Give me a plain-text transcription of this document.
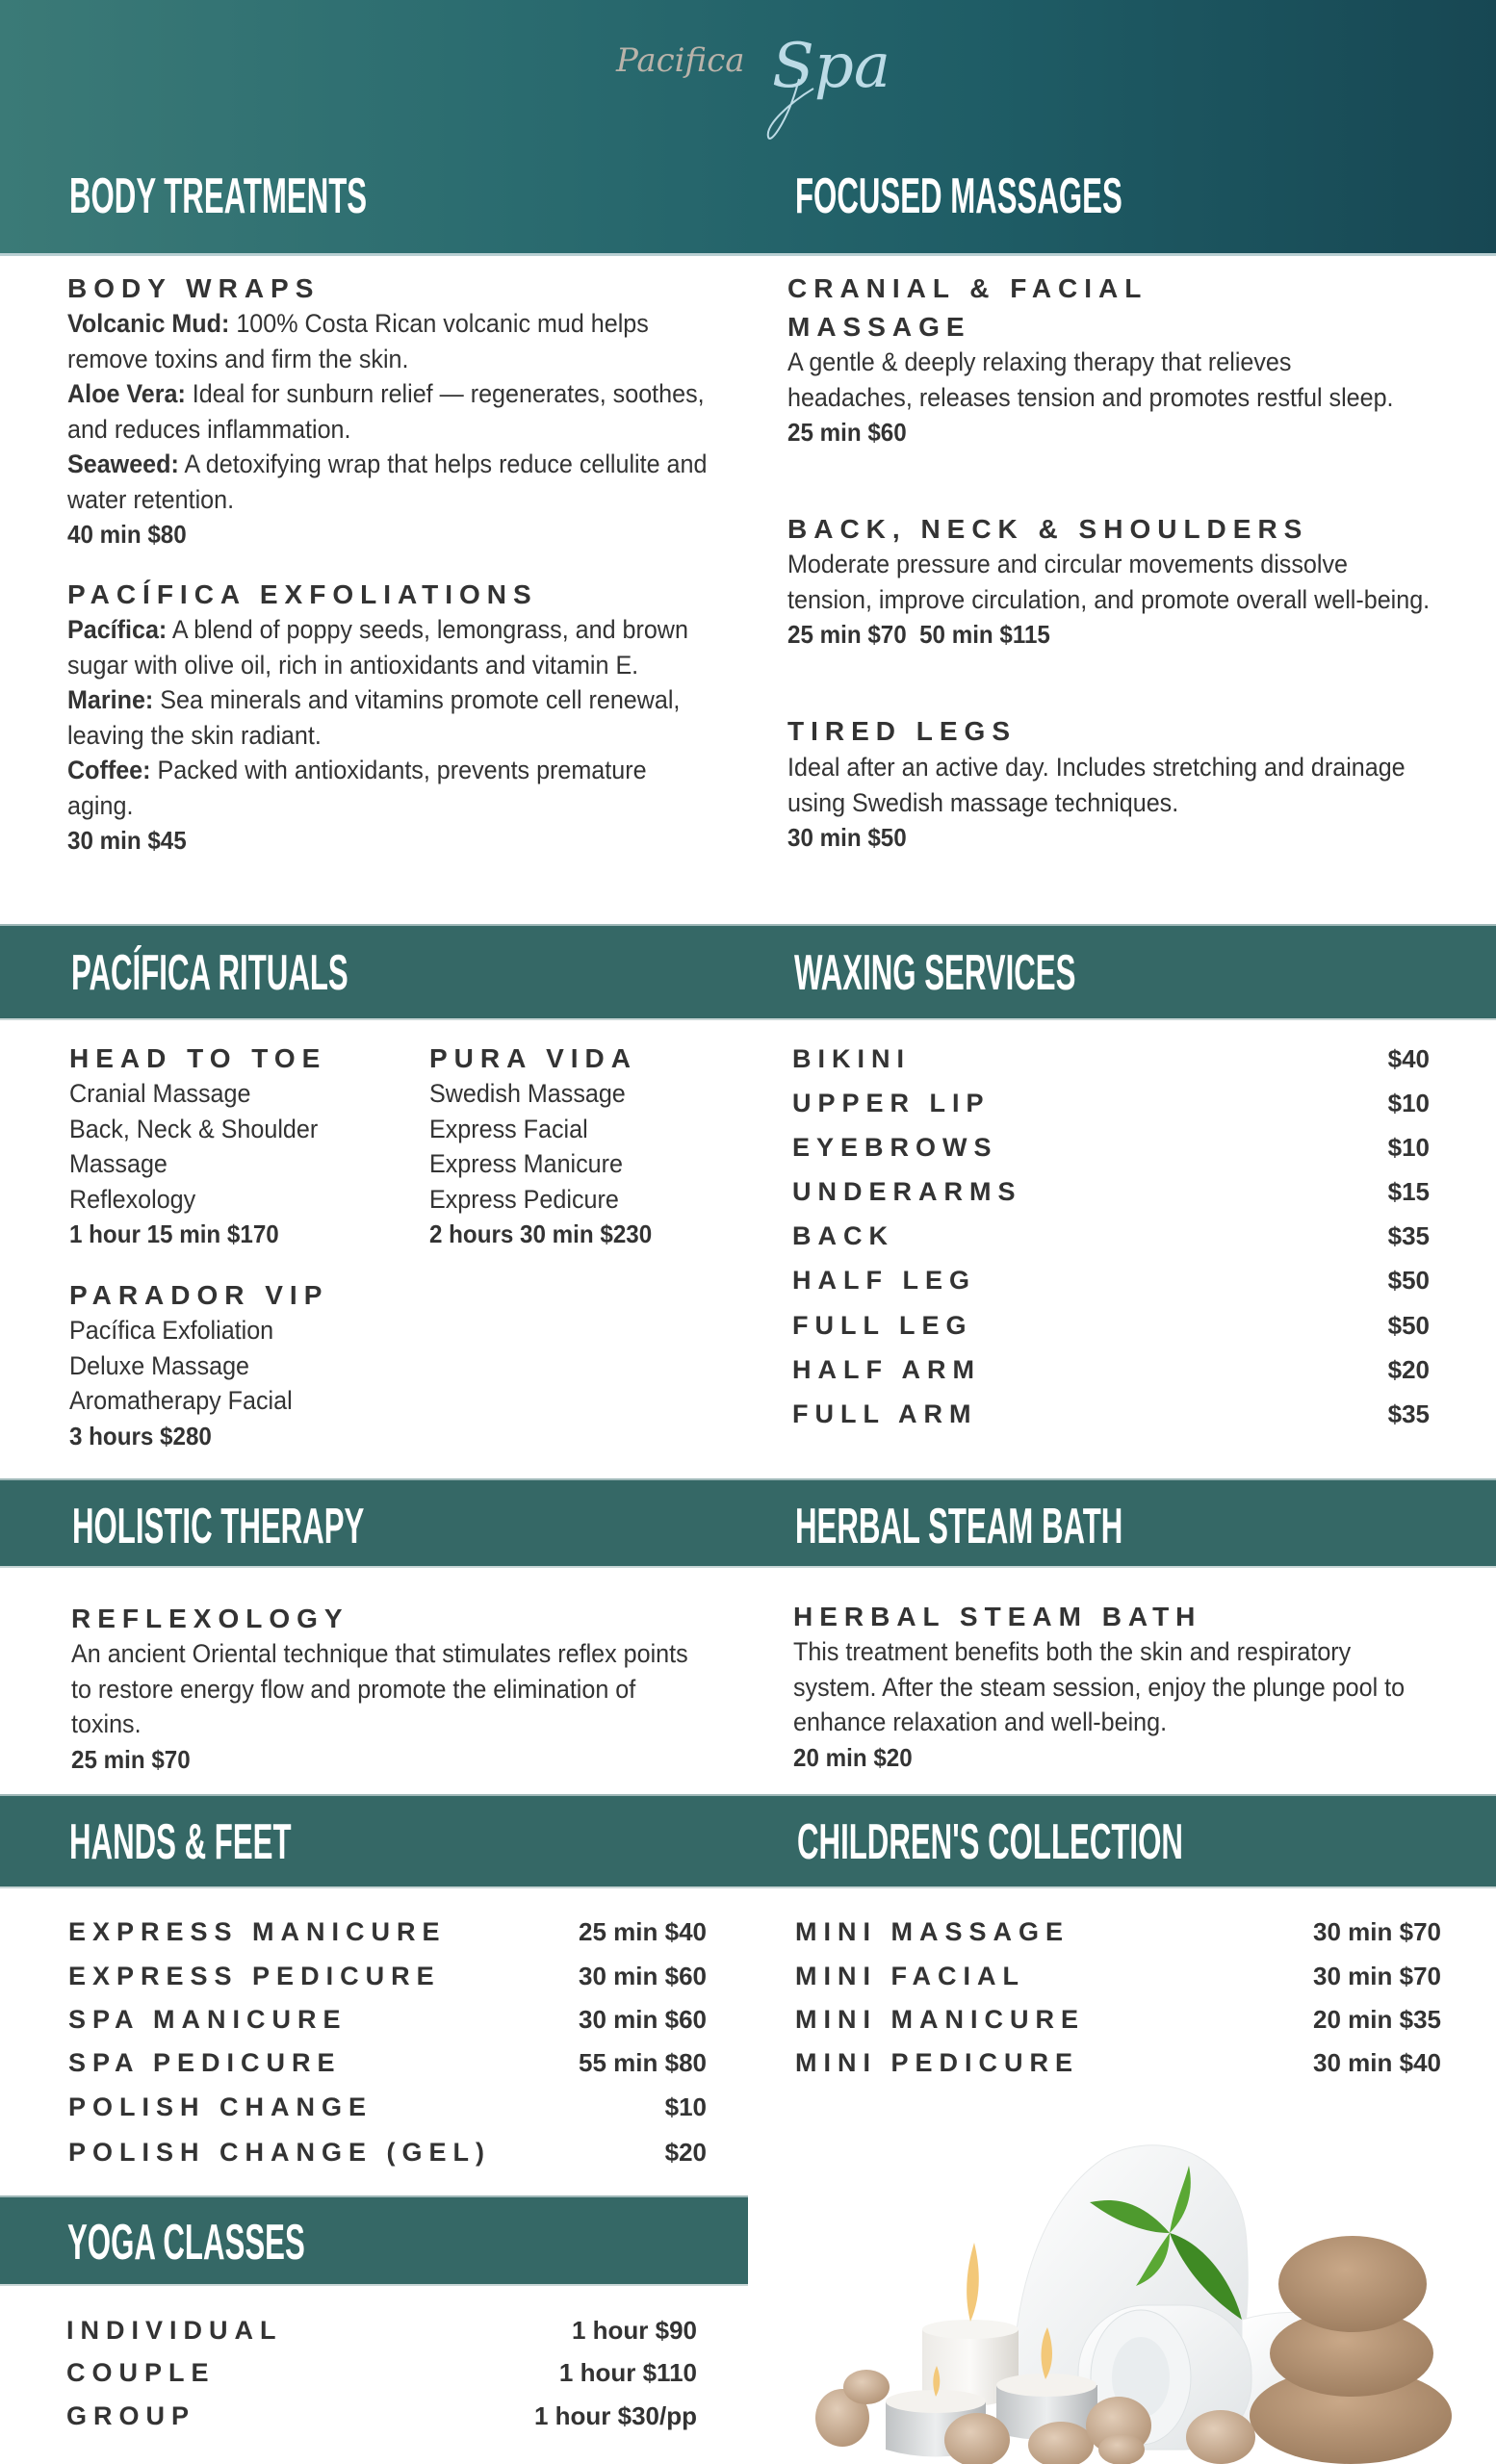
Pacifica Spa
BODY TREATMENTS	FOCUSED MASSAGES
BODY WRAPS
Volcanic Mud: 100% Costa Rican volcanic mud helps remove toxins and firm the skin.
Aloe Vera: Ideal for sunburn relief — regenerates, soothes, and reduces inflammation.
Seaweed: A detoxifying wrap that helps reduce cellulite and water retention.
40 min $80
PACÍFICA EXFOLIATIONS
Pacífica: A blend of poppy seeds, lemongrass, and brown sugar with olive oil, rich in antioxidants and vitamin E.
Marine: Sea minerals and vitamins promote cell renewal, leaving the skin radiant.
Coffee: Packed with antioxidants, prevents premature aging.
30 min $45
CRANIAL & FACIAL
MASSAGE
A gentle & deeply relaxing therapy that relieves headaches, releases tension and promotes restful sleep.
25 min $60
BACK, NECK & SHOULDERS
Moderate pressure and circular movements dissolve tension, improve circulation, and promote overall well-being.
25 min $70  50 min $115
TIRED LEGS
Ideal after an active day. Includes stretching and drainage using Swedish massage techniques.
30 min $50
PACÍFICA RITUALS	WAXING SERVICES
HEAD TO TOE
Cranial Massage
Back, Neck & Shoulder
Massage
Reflexology
1 hour 15 min $170
PURA VIDA
Swedish Massage
Express Facial
Express Manicure
Express Pedicure
2 hours 30 min $230
PARADOR VIP
Pacífica Exfoliation
Deluxe Massage
Aromatherapy Facial
3 hours $280
BIKINI	$40
UPPER LIP	$10
EYEBROWS	$10
UNDERARMS	$15
BACK	$35
HALF LEG	$50
FULL LEG	$50
HALF ARM	$20
FULL ARM	$35
HOLISTIC THERAPY	HERBAL STEAM BATH
REFLEXOLOGY
An ancient Oriental technique that stimulates reflex points to restore energy flow and promote the elimination of toxins.
25 min $70
HERBAL STEAM BATH
This treatment benefits both the skin and respiratory system. After the steam session, enjoy the plunge pool to enhance relaxation and well-being.
20 min $20
HANDS & FEET	CHILDREN'S COLLECTION
EXPRESS MANICURE	25 min $40
EXPRESS PEDICURE	30 min $60
SPA MANICURE	30 min $60
SPA PEDICURE	55 min $80
POLISH CHANGE	$10
POLISH CHANGE (GEL)	$20
MINI MASSAGE	30 min $70
MINI FACIAL	30 min $70
MINI MANICURE	20 min $35
MINI PEDICURE	30 min $40
YOGA CLASSES
INDIVIDUAL	1 hour $90
COUPLE	1 hour $110
GROUP	1 hour $30/pp
